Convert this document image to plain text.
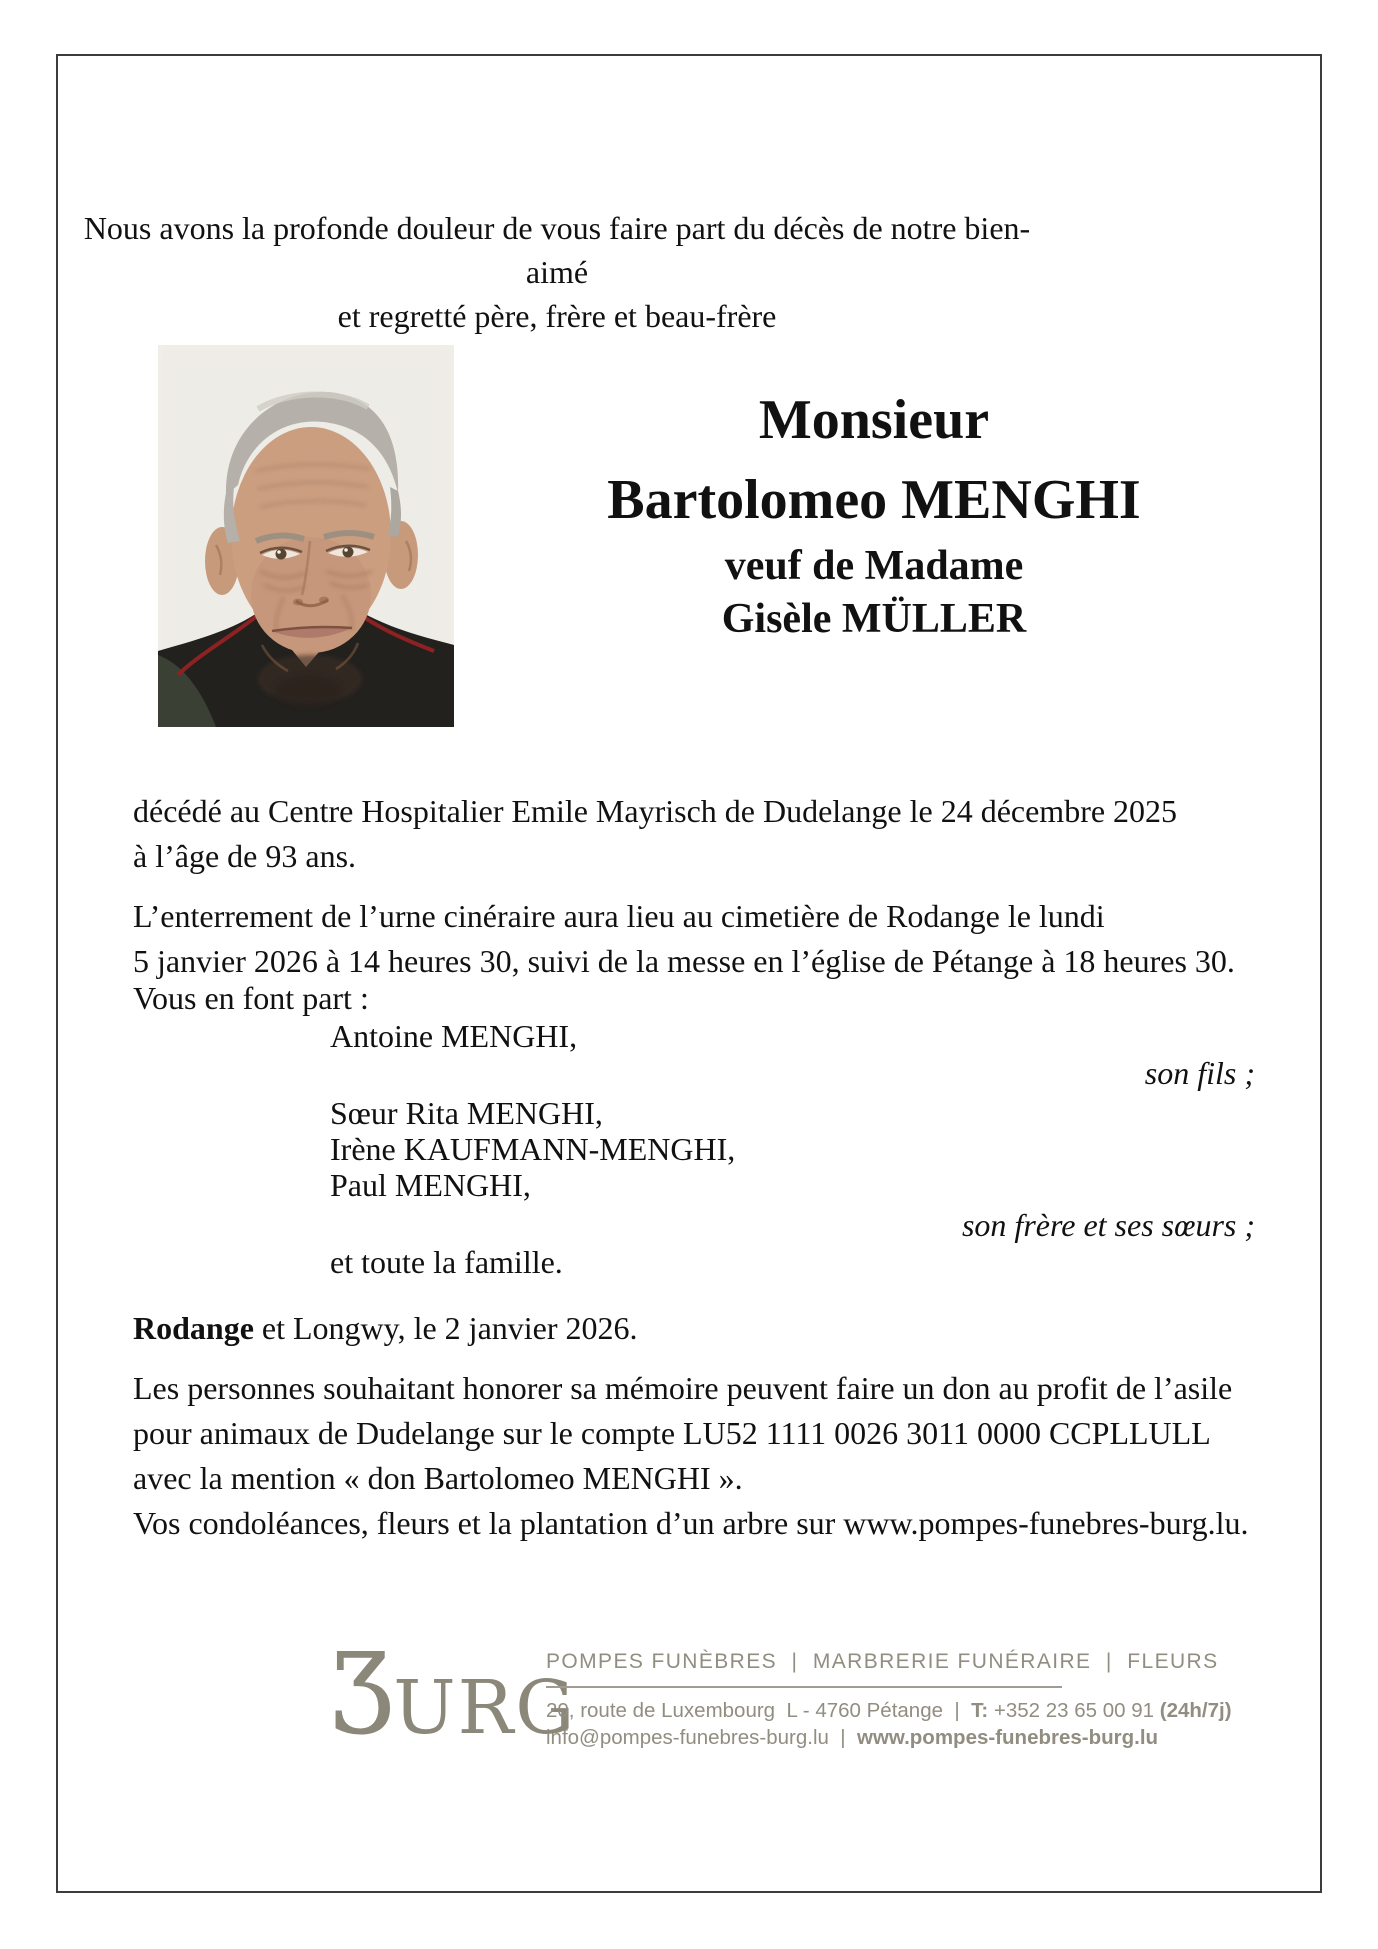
Nous avons la profonde douleur de vous faire part du décès de notre bien-aimé
et regretté père, frère et beau-frère
Monsieur
Bartolomeo MENGHI
veuf de Madame
Gisèle MÜLLER
décédé au Centre Hospitalier Emile Mayrisch de Dudelange le 24 décembre 2025
à l’âge de 93 ans.
L’enterrement de l’urne cinéraire aura lieu au cimetière de Rodange le lundi
5 janvier 2026 à 14 heures 30, suivi de la messe en l’église de Pétange à 18 heures 30.
Vous en font part :
Antoine MENGHI,
son fils ;
Sœur Rita MENGHI,
Irène KAUFMANN-MENGHI,
Paul MENGHI,
son frère et ses sœurs ;
et toute la famille.
Rodange et Longwy, le 2 janvier 2026.
Les personnes souhaitant honorer sa mémoire peuvent faire un don au profit de l’asile
pour animaux de Dudelange sur le compte LU52 1111 0026 3011 0000 CCPLLULL
avec la mention « don Bartolomeo MENGHI ».
Vos condoléances, fleurs et la plantation d’un arbre sur www.pompes-funebres-burg.lu.
ƷURG
POMPES FUNÈBRES  |  MARBRERIE FUNÉRAIRE  |  FLEURS
20, route de Luxembourg  L - 4760 Pétange  |  T: +352 23 65 00 91 (24h/7j)
info@pompes-funebres-burg.lu  |  www.pompes-funebres-burg.lu
